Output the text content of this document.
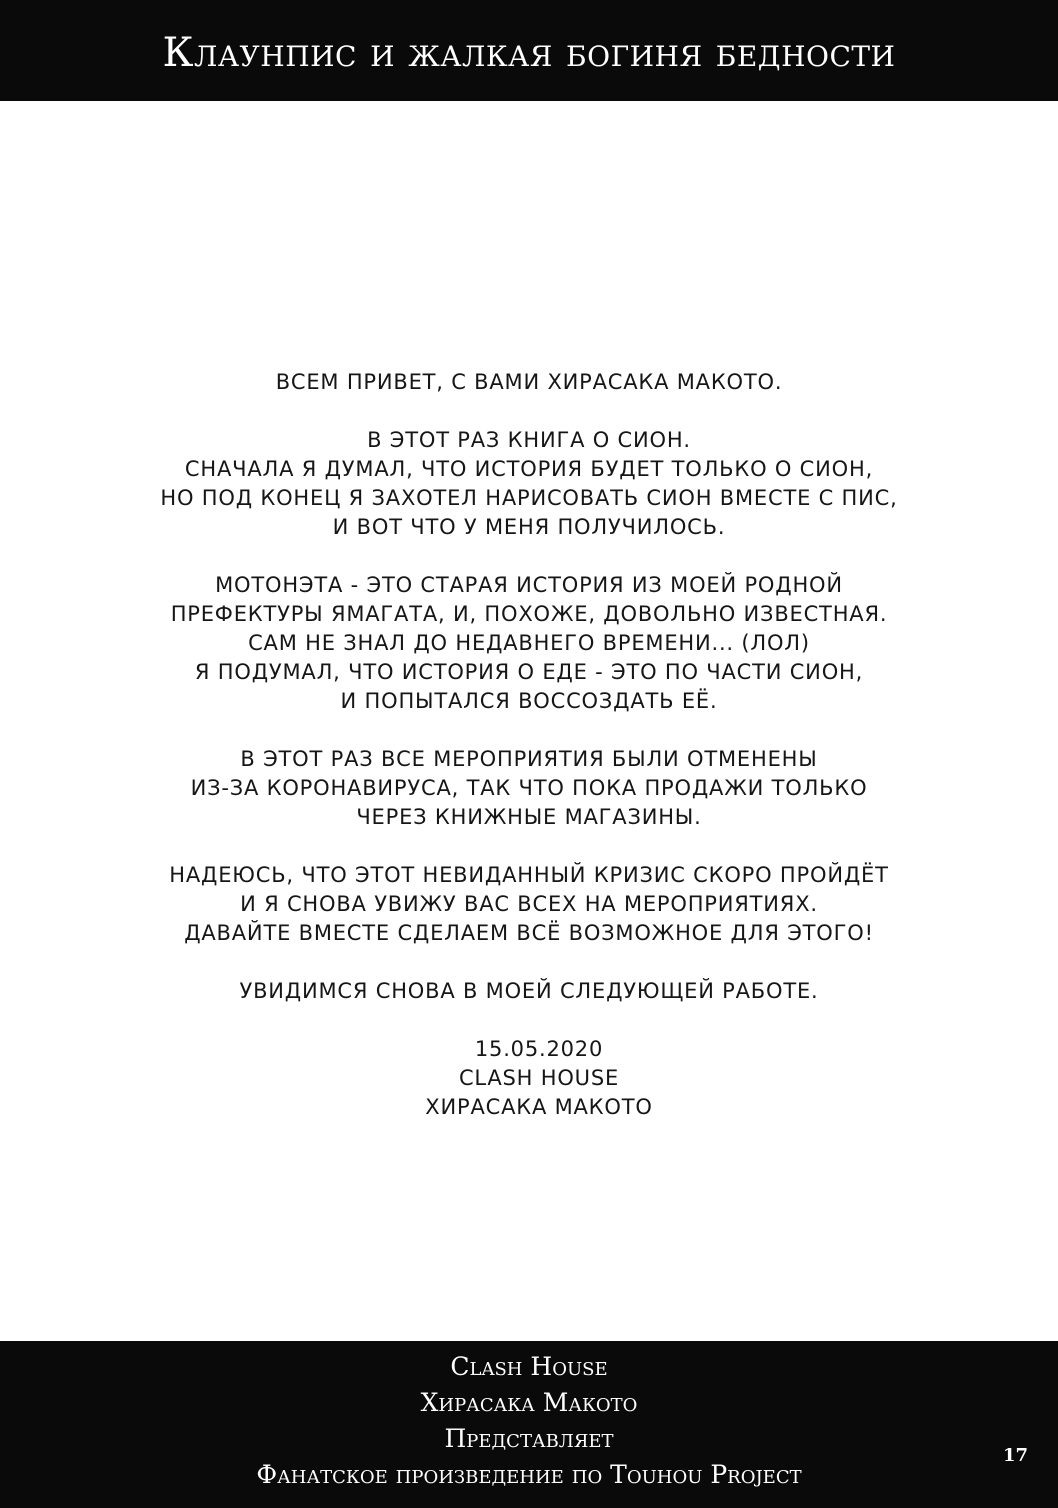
Клаунпис и жалкая богиня бедности
ВСЕМ ПРИВЕТ, С ВАМИ ХИРАСАКА МАКОТО.
В ЭТОТ РАЗ КНИГА О СИОН.
СНАЧАЛА Я ДУМАЛ, ЧТО ИСТОРИЯ БУДЕТ ТОЛЬКО О СИОН,
НО ПОД КОНЕЦ Я ЗАХОТЕЛ НАРИСОВАТЬ СИОН ВМЕСТЕ С ПИС,
И ВОТ ЧТО У МЕНЯ ПОЛУЧИЛОСЬ.
МОТОНЭТА - ЭТО СТАРАЯ ИСТОРИЯ ИЗ МОЕЙ РОДНОЙ
ПРЕФЕКТУРЫ ЯМАГАТА, И, ПОХОЖЕ, ДОВОЛЬНО ИЗВЕСТНАЯ.
САМ НЕ ЗНАЛ ДО НЕДАВНЕГО ВРЕМЕНИ... (ЛОЛ)
Я ПОДУМАЛ, ЧТО ИСТОРИЯ О ЕДЕ - ЭТО ПО ЧАСТИ СИОН,
И ПОПЫТАЛСЯ ВОССОЗДАТЬ ЕЁ.
В ЭТОТ РАЗ ВСЕ МЕРОПРИЯТИЯ БЫЛИ ОТМЕНЕНЫ
ИЗ-ЗА КОРОНАВИРУСА, ТАК ЧТО ПОКА ПРОДАЖИ ТОЛЬКО
ЧЕРЕЗ КНИЖНЫЕ МАГАЗИНЫ.
НАДЕЮСЬ, ЧТО ЭТОТ НЕВИДАННЫЙ КРИЗИС СКОРО ПРОЙДЁТ
И Я СНОВА УВИЖУ ВАС ВСЕХ НА МЕРОПРИЯТИЯХ.
ДАВАЙТЕ ВМЕСТЕ СДЕЛАЕМ ВСЁ ВОЗМОЖНОЕ ДЛЯ ЭТОГО!
УВИДИМСЯ СНОВА В МОЕЙ СЛЕДУЮЩЕЙ РАБОТЕ.
15.05.2020
CLASH HOUSE
ХИРАСАКА МАКОТО
Clash House
Хирасака Макото
Представляет
Фанатское произведение по Touhou Project
17
